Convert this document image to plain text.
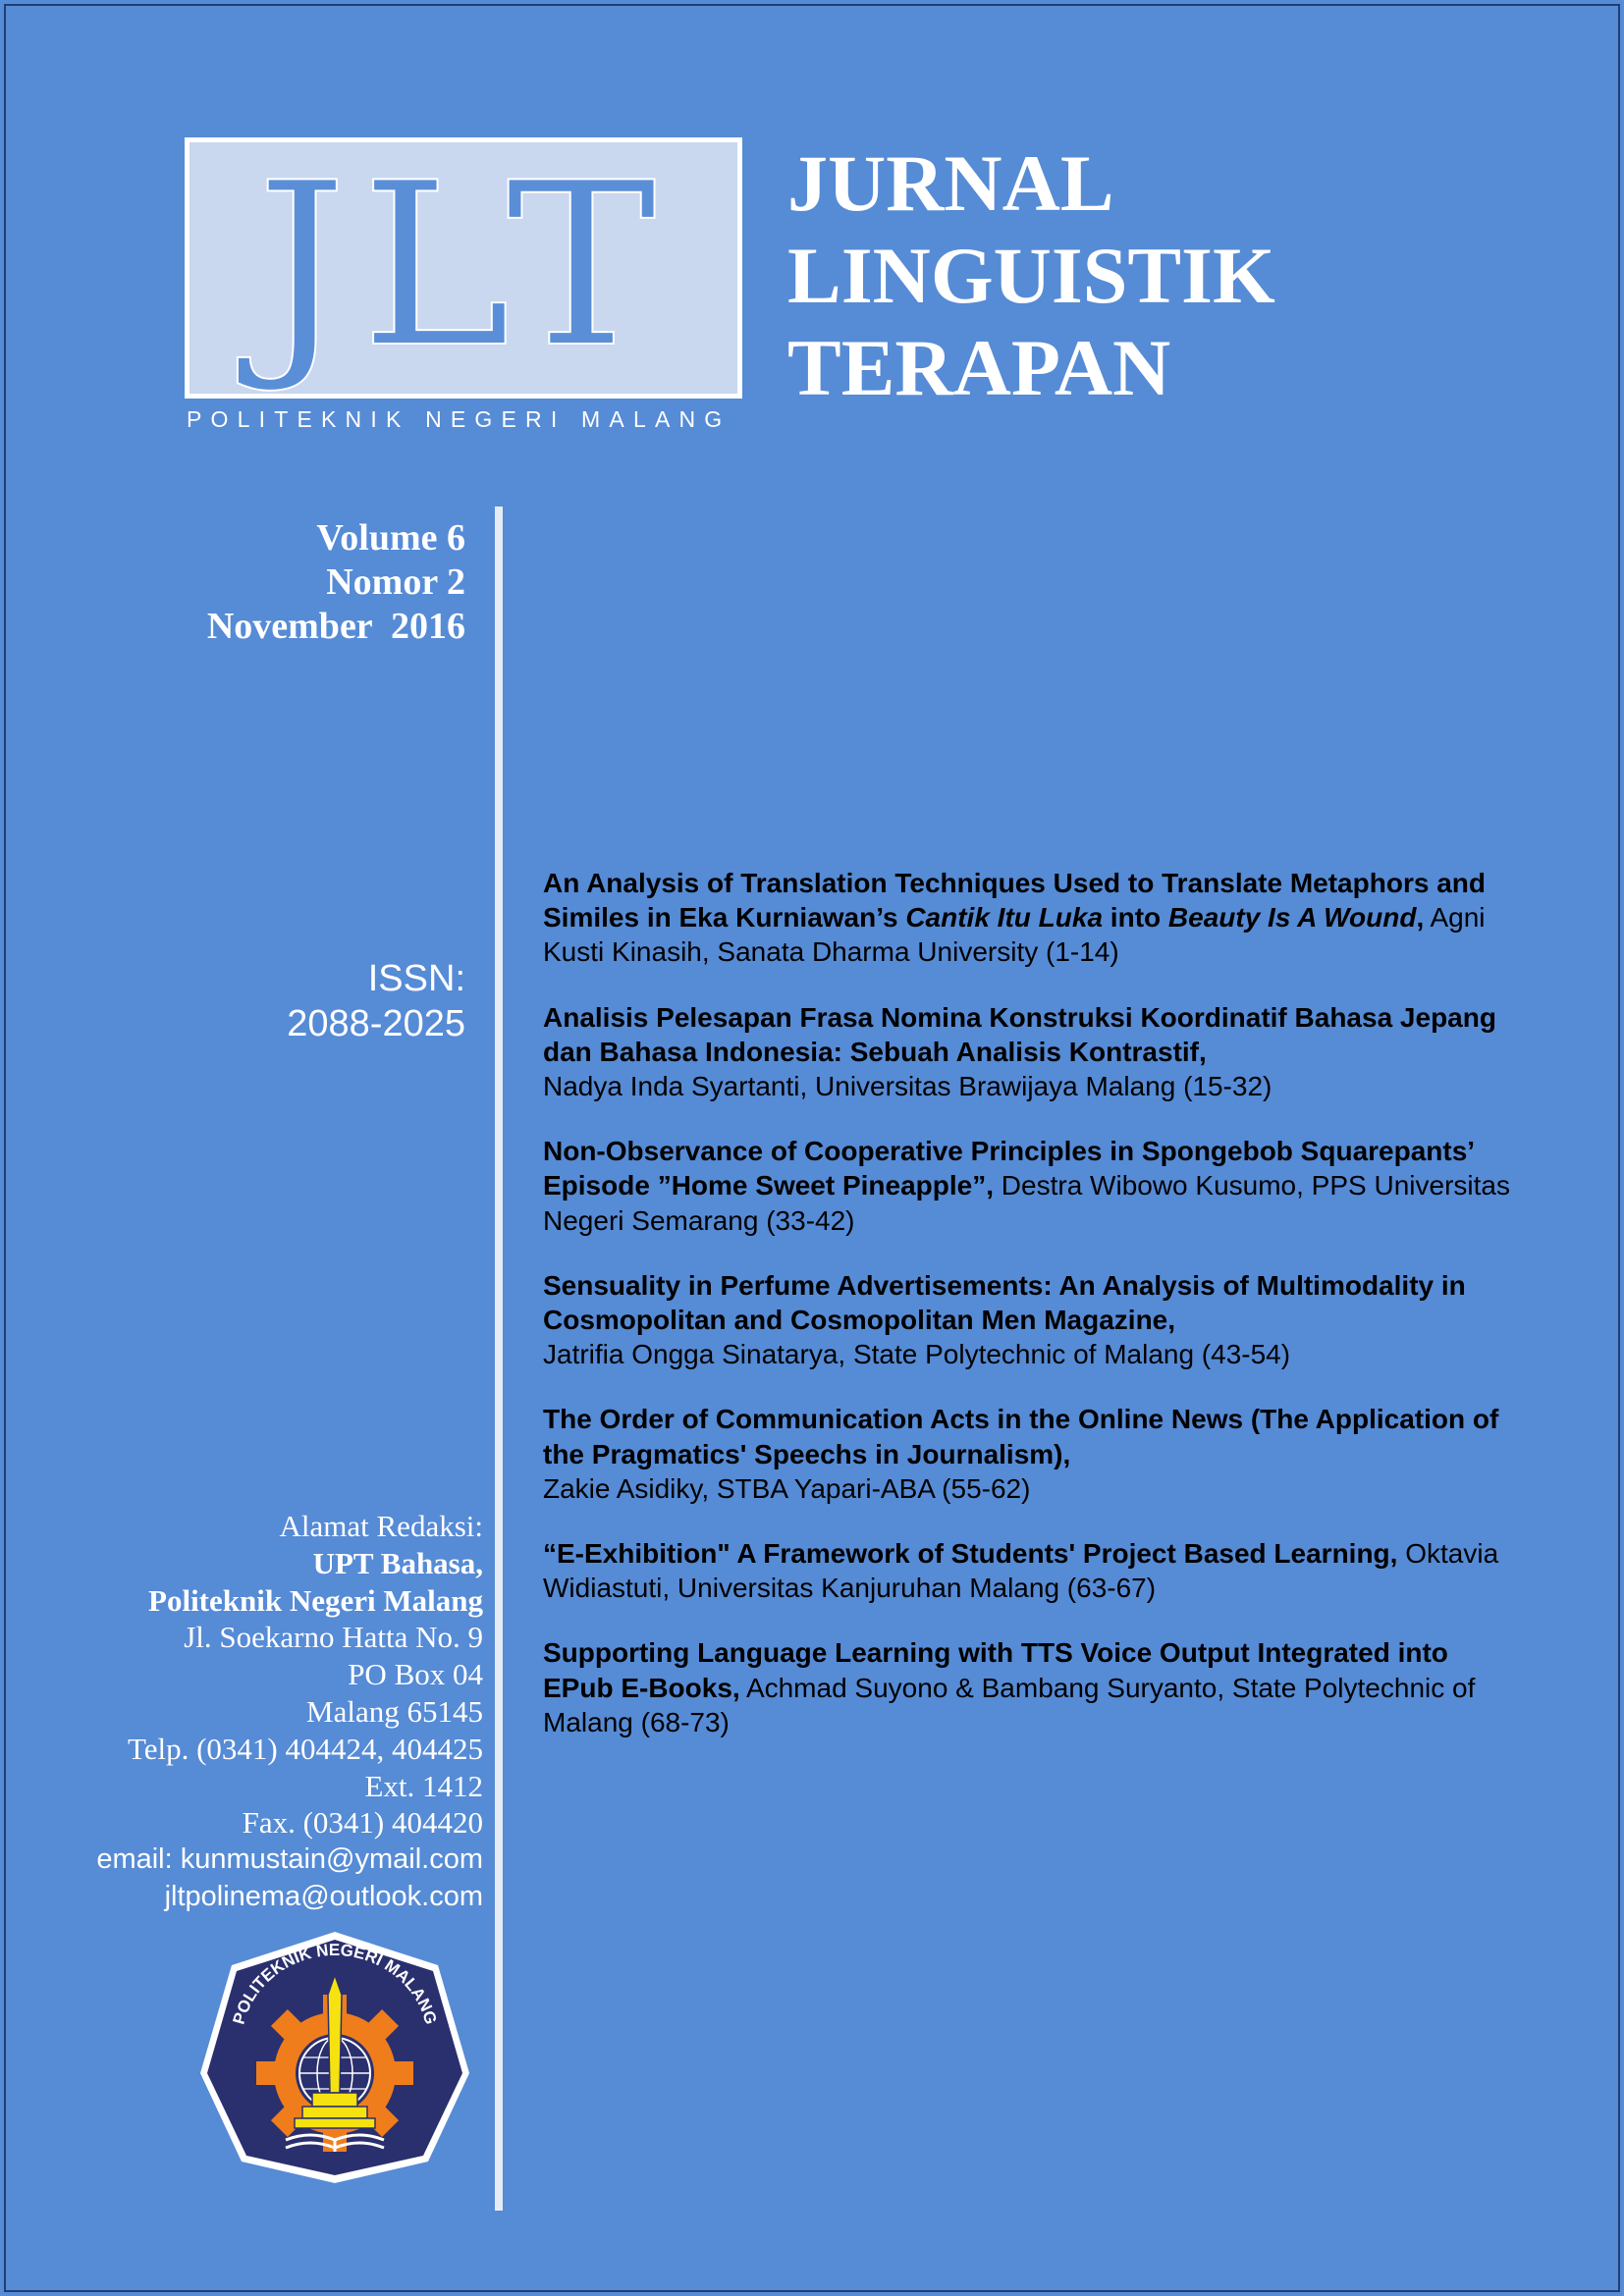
JLT
POLITEKNIK NEGERI MALANG
JURNAL
LINGUISTIK
TERAPAN
Volume 6
Nomor 2
November  2016
ISSN:
2088-2025
Alamat Redaksi:
UPT Bahasa,
Politeknik Negeri Malang
Jl. Soekarno Hatta No. 9
PO Box 04
Malang 65145
Telp. (0341) 404424, 404425
Ext. 1412
Fax. (0341) 404420
email: kunmustain@ymail.com
jltpolinema@outlook.com
POLITEKNIK NEGERI MALANG
An Analysis of Translation Techniques Used to Translate Metaphors and Similes in Eka Kurniawan’s Cantik Itu Luka into Beauty Is A Wound, Agni Kusti Kinasih, Sanata Dharma University (1-14)
Analisis Pelesapan Frasa Nomina Konstruksi Koordinatif Bahasa Jepang dan Bahasa Indonesia: Sebuah Analisis Kontrastif,
Nadya Inda Syartanti, Universitas Brawijaya Malang (15-32)
Non-Observance of Cooperative Principles in Spongebob Squarepants’ Episode ”Home Sweet Pineapple”, Destra Wibowo Kusumo, PPS Universitas Negeri Semarang (33-42)
Sensuality in Perfume Advertisements: An Analysis of Multimodality in Cosmopolitan and Cosmopolitan Men Magazine,
Jatrifia Ongga Sinatarya, State Polytechnic of Malang (43-54)
The Order of Communication Acts in the Online News (The Application of the Pragmatics' Speechs in Journalism),
Zakie Asidiky, STBA Yapari-ABA (55-62)
“E-Exhibition" A Framework of Students' Project Based Learning, Oktavia Widiastuti, Universitas Kanjuruhan Malang (63-67)
Supporting Language Learning with TTS Voice Output Integrated into EPub E-Books, Achmad Suyono & Bambang Suryanto, State Polytechnic of Malang (68-73)
